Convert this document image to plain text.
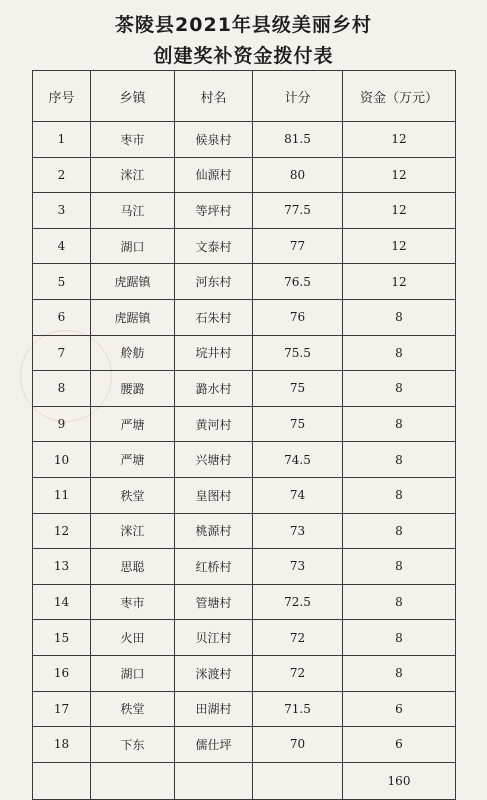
茶陵县2021年县级美丽乡村
创建奖补资金拨付表
序号	乡镇	村名	计分	资金（万元）
1	枣市	候泉村	81.5	12
2	洣江	仙源村	80	12
3	马江	等坪村	77.5	12
4	湖口	文泰村	77	12
5	虎踞镇	河东村	76.5	12
6	虎踞镇	石朱村	76	8
7	舲舫	垸井村	75.5	8
8	腰潞	潞水村	75	8
9	严塘	黄河村	75	8
10	严塘	兴塘村	74.5	8
11	秩堂	皇图村	74	8
12	洣江	桃源村	73	8
13	思聪	红桥村	73	8
14	枣市	管塘村	72.5	8
15	火田	贝江村	72	8
16	湖口	洣渡村	72	8
17	秩堂	田湖村	71.5	6
18	下东	儒仕坪	70	6
				160
